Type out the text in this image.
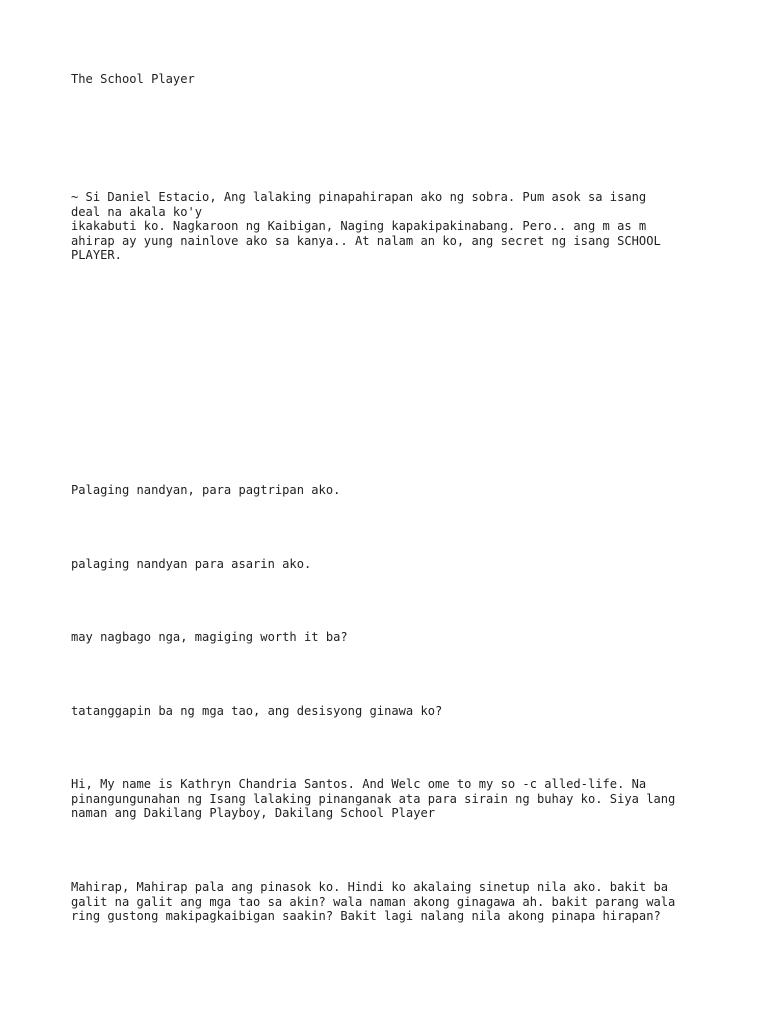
The School Player

~ Si Daniel Estacio, Ang lalaking pinapahirapan ako ng sobra. Pum asok sa isang
deal na akala ko'y
ikakabuti ko. Nagkaroon ng Kaibigan, Naging kapakipakinabang. Pero.. ang m as m
ahirap ay yung nainlove ako sa kanya.. At nalam an ko, ang secret ng isang SCHOOL
PLAYER.

Palaging nandyan, para pagtripan ako.

palaging nandyan para asarin ako.

may nagbago nga, magiging worth it ba?

tatanggapin ba ng mga tao, ang desisyong ginawa ko?

Hi, My name is Kathryn Chandria Santos. And Welc ome to my so -c alled-life. Na
pinangungunahan ng Isang lalaking pinanganak ata para sirain ng buhay ko. Siya lang
naman ang Dakilang Playboy, Dakilang School Player

Mahirap, Mahirap pala ang pinasok ko. Hindi ko akalaing sinetup nila ako. bakit ba
galit na galit ang mga tao sa akin? wala naman akong ginagawa ah. bakit parang wala
ring gustong makipagkaibigan saakin? Bakit lagi nalang nila akong pinapa hirapan?
